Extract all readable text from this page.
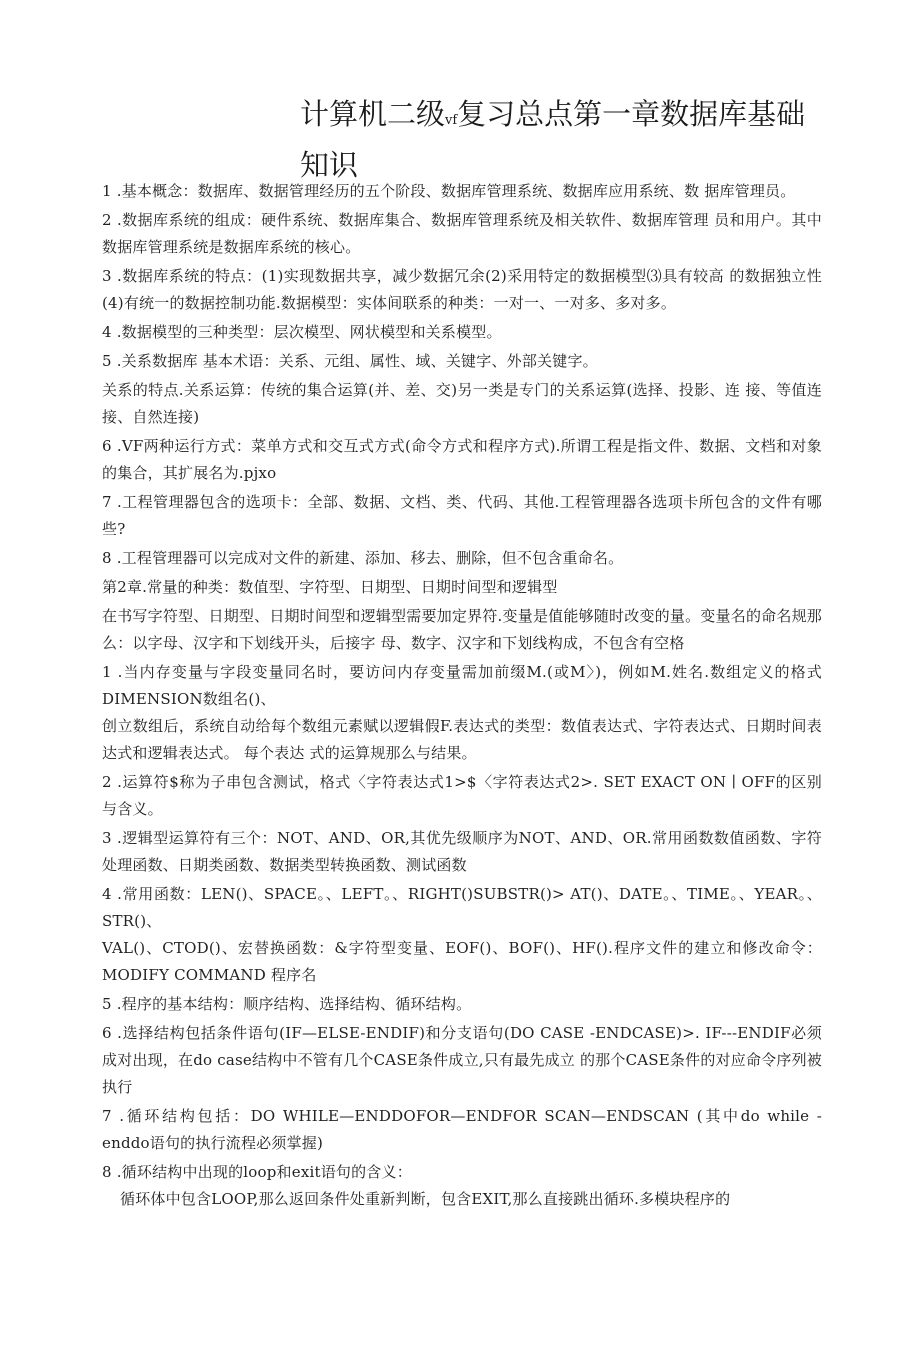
计算机二级vf复习总点第一章数据库基础知识

1 .基本概念：数据库、数据管理经历的五个阶段、数据库管理系统、数据库应用系统、数 据库管理员。

2 .数据库系统的组成：硬件系统、数据库集合、数据库管理系统及相关软件、数据库管理 员和用户。其中数据库管理系统是数据库系统的核心。

3 .数据库系统的特点：(1)实现数据共享，减少数据冗余(2)采用特定的数据模型⑶具有较高 的数据独立性(4)有统一的数据控制功能.数据模型：实体间联系的种类：一对一、一对多、多对多。

4 .数据模型的三种类型：层次模型、网状模型和关系模型。

5 .关系数据库 基本术语：关系、元组、属性、域、关键字、外部关键字。

关系的特点.关系运算：传统的集合运算(并、差、交)另一类是专门的关系运算(选择、投影、连 接、等值连接、自然连接)

6 .VF两种运行方式：菜单方式和交互式方式(命令方式和程序方式).所谓工程是指文件、数据、文档和对象的集合，其扩展名为.pjxo

7 .工程管理器包含的选项卡：全部、数据、文档、类、代码、其他.工程管理器各选项卡所包含的文件有哪些?

8 .工程管理器可以完成对文件的新建、添加、移去、删除，但不包含重命名。

第2章.常量的种类：数值型、字符型、日期型、日期时间型和逻辑型

在书写字符型、日期型、日期时间型和逻辑型需要加定界符.变量是值能够随时改变的量。变量名的命名规那么：以字母、汉字和下划线开头，后接字 母、数字、汉字和下划线构成，不包含有空格

1 .当内存变量与字段变量同名时，要访问内存变量需加前缀M.(或M〉)，例如M.姓名.数组定义的格式DIMENSION数组名()、

创立数组后，系统自动给每个数组元素赋以逻辑假F.表达式的类型：数值表达式、字符表达式、日期时间表达式和逻辑表达式。 每个表达 式的运算规那么与结果。

2 .运算符$称为子串包含测试，格式〈字符表达式1>$〈字符表达式2>. SET EXACT ON ∣ OFF的区别与含义。

3 .逻辑型运算符有三个：NOT、AND、OR,其优先级顺序为NOT、AND、OR.常用函数数值函数、字符处理函数、日期类函数、数据类型转换函数、测试函数

4 .常用函数：LEN()、SPACE。、LEFT。、RIGHT()SUBSTR()> AT()、DATE。、TIME。、YEAR。、STR()、

VAL()、CTOD()、宏替换函数：&字符型变量、EOF()、BOF()、HF().程序文件的建立和修改命令：MODIFY COMMAND 程序名

5 .程序的基本结构：顺序结构、选择结构、循环结构。

6 .选择结构包括条件语句(IF—ELSE-ENDIF)和分支语句(DO CASE -ENDCASE)>. IF---ENDIF必须成对出现，在do case结构中不管有几个CASE条件成立,只有最先成立 的那个CASE条件的对应命令序列被执行

7 .循环结构包括：DO WHILE—ENDDOFOR—ENDFOR SCAN—ENDSCAN (其中do while -enddo语句的执行流程必须掌握)

8 .循环结构中出现的loop和exit语句的含义：

循环体中包含LOOP,那么返回条件处重新判断，包含EXIT,那么直接跳出循环.多模块程序的
